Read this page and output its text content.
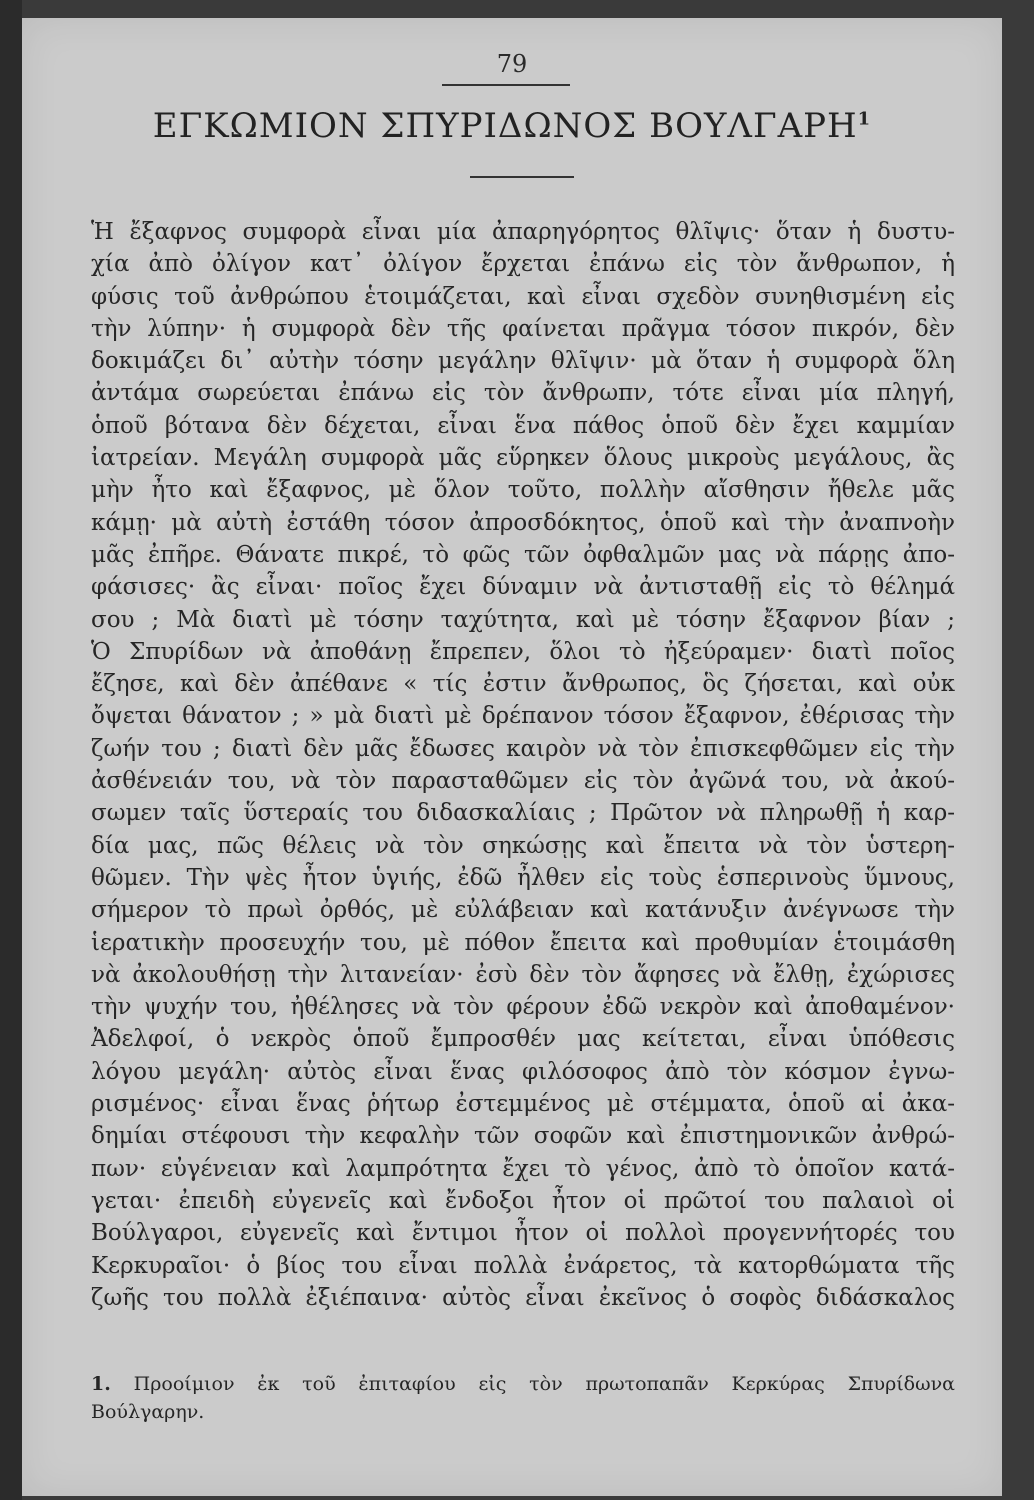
79
ΕΓΚΩΜΙΟΝ ΣΠΥΡΙΔΩΝΟΣ ΒΟΥΛΓΑΡΗ$^1$
Ἡ ἔξαφνος συμφορὰ εἶναι μία ἀπαρηγόρητος θλῖψις· ὅταν ἡ δυστυ-
χία ἀπὸ ὀλίγον κατ᾽ ὀλίγον ἔρχεται ἐπάνω εἰς τὸν ἄνθρωπον, ἡ
φύσις τοῦ ἀνθρώπου ἑτοιμάζεται, καὶ εἶναι σχεδὸν συνηθισμένη εἰς
τὴν λύπην· ἡ συμφορὰ δὲν τῆς φαίνεται πρᾶγμα τόσον πικρόν, δὲν
δοκιμάζει δι᾽ αὐτὴν τόσην μεγάλην θλῖψιν· μὰ ὅταν ἡ συμφορὰ ὅλη
ἀντάμα σωρεύεται ἐπάνω εἰς τὸν ἄνθρωπν, τότε εἶναι μία πληγή,
ὁποῦ βότανα δὲν δέχεται, εἶναι ἕνα πάθος ὁποῦ δὲν ἔχει καμμίαν
ἰατρείαν. Μεγάλη συμφορὰ μᾶς εὕρηκεν ὅλους μικροὺς μεγάλους, ἂς
μὴν ἦτο καὶ ἔξαφνος, μὲ ὅλον τοῦτο, πολλὴν αἴσθησιν ἤθελε μᾶς
κάμῃ· μὰ αὐτὴ ἐστάθη τόσον ἀπροσδόκητος, ὁποῦ καὶ τὴν ἀναπνοὴν
μᾶς ἐπῆρε. Θάνατε πικρέ, τὸ φῶς τῶν ὀφθαλμῶν μας νὰ πάρῃς ἀπο-
φάσισες· ἂς εἶναι· ποῖος ἔχει δύναμιν νὰ ἀντισταθῇ εἰς τὸ θέλημά
σου ; Μὰ διατὶ μὲ τόσην ταχύτητα, καὶ μὲ τόσην ἔξαφνον βίαν ;
Ὁ Σπυρίδων νὰ ἀποθάνῃ ἔπρεπεν, ὅλοι τὸ ἠξεύραμεν· διατὶ ποῖος
ἔζησε, καὶ δὲν ἀπέθανε « τίς ἐστιν ἄνθρωπος, ὃς ζήσεται, καὶ οὐκ
ὄψεται θάνατον ; » μὰ διατὶ μὲ δρέπανον τόσον ἔξαφνον, ἐθέρισας τὴν
ζωήν του ; διατὶ δὲν μᾶς ἔδωσες καιρὸν νὰ τὸν ἐπισκεφθῶμεν εἰς τὴν
ἀσθένειάν του, νὰ τὸν παρασταθῶμεν εἰς τὸν ἀγῶνά του, νὰ ἀκού-
σωμεν ταῖς ὕστεραίς του διδασκαλίαις ; Πρῶτον νὰ πληρωθῇ ἡ καρ-
δία μας, πῶς θέλεις νὰ τὸν σηκώσῃς καὶ ἔπειτα νὰ τὸν ὑστερη-
θῶμεν. Τὴν ψὲς ἦτον ὑγιής, ἐδῶ ἦλθεν εἰς τοὺς ἑσπερινοὺς ὕμνους,
σήμερον τὸ πρωὶ ὀρθός, μὲ εὐλάβειαν καὶ κατάνυξιν ἀνέγνωσε τὴν
ἱερατικὴν προσευχήν του, μὲ πόθον ἔπειτα καὶ προθυμίαν ἑτοιμάσθη
νὰ ἀκολουθήσῃ τὴν λιτανείαν· ἐσὺ δὲν τὸν ἄφησες νὰ ἔλθῃ, ἐχώρισες
τὴν ψυχήν του, ἠθέλησες νὰ τὸν φέρουν ἐδῶ νεκρὸν καὶ ἀποθαμένον·
Ἀδελφοί, ὁ νεκρὸς ὁποῦ ἔμπροσθέν μας κείτεται, εἶναι ὑπόθεσις
λόγου μεγάλη· αὐτὸς εἶναι ἕνας φιλόσοφος ἀπὸ τὸν κόσμον ἐγνω-
ρισμένος· εἶναι ἕνας ῥήτωρ ἐστεμμένος μὲ στέμματα, ὁποῦ αἱ ἀκα-
δημίαι στέφουσι τὴν κεφαλὴν τῶν σοφῶν καὶ ἐπιστημονικῶν ἀνθρώ-
πων· εὐγένειαν καὶ λαμπρότητα ἔχει τὸ γένος, ἀπὸ τὸ ὁποῖον κατά-
γεται· ἐπειδὴ εὐγενεῖς καὶ ἔνδοξοι ἦτον οἱ πρῶτοί του παλαιοὶ οἱ
Βούλγαροι, εὐγενεῖς καὶ ἔντιμοι ἦτον οἱ πολλοὶ προγεννήτορές του
Κερκυραῖοι· ὁ βίος του εἶναι πολλὰ ἐνάρετος, τὰ κατορθώματα τῆς
ζωῆς του πολλὰ ἐξιέπαινα· αὐτὸς εἶναι ἐκεῖνος ὁ σοφὸς διδάσκαλος
1. Προοίμιον ἐκ τοῦ ἐπιταφίου εἰς τὸν πρωτοπαπᾶν Κερκύρας Σπυρίδωνα
Βούλγαρην.
